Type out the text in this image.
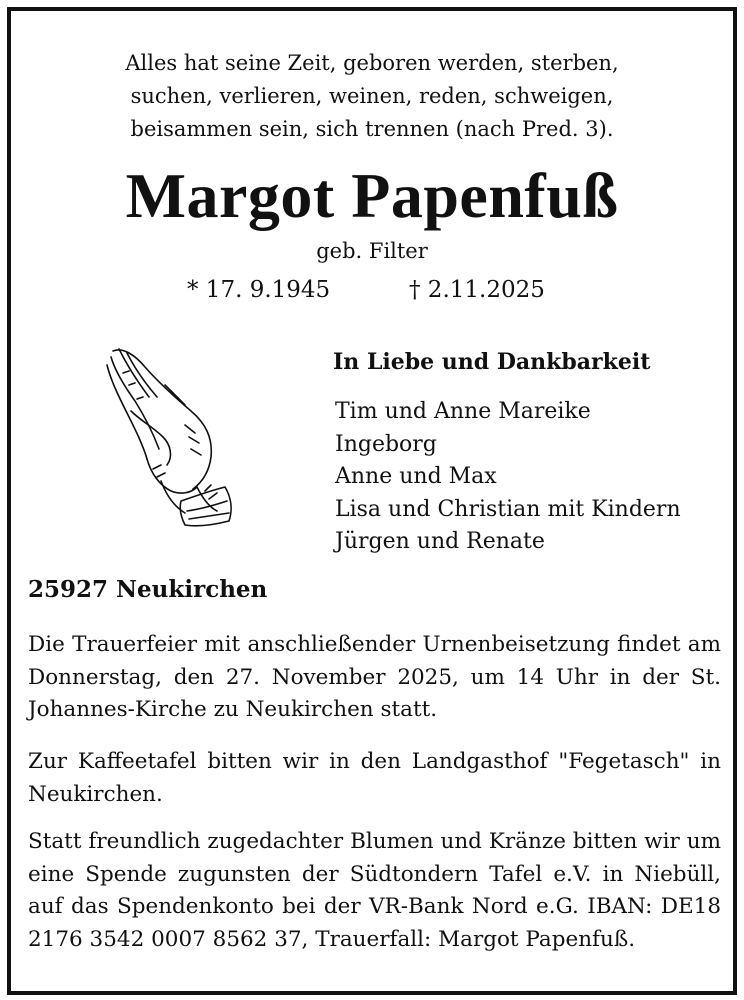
Alles hat seine Zeit, geboren werden, sterben,
suchen, verlieren, weinen, reden, schweigen,
beisammen sein, sich trennen (nach Pred. 3).
Margot Papenfuß
geb. Filter
* 17. 9.1945	† 2.11.2025
In Liebe und Dankbarkeit
Tim und Anne Mareike
Ingeborg
Anne und Max
Lisa und Christian mit Kindern
Jürgen und Renate
25927 Neukirchen
Die Trauerfeier mit anschließender Urnenbeisetzung findet am Donnerstag, den 27. November 2025, um 14 Uhr in der St. Johannes-Kirche zu Neukirchen statt.
Zur Kaffeetafel bitten wir in den Landgasthof "Fegetasch" in Neukirchen.
Statt freundlich zugedachter Blumen und Kränze bitten wir um eine Spende zugunsten der Südtondern Tafel e.V. in Niebüll, auf das Spendenkonto bei der VR-Bank Nord e.G. IBAN: DE18 2176 3542 0007 8562 37, Trauerfall: Margot Papenfuß.
